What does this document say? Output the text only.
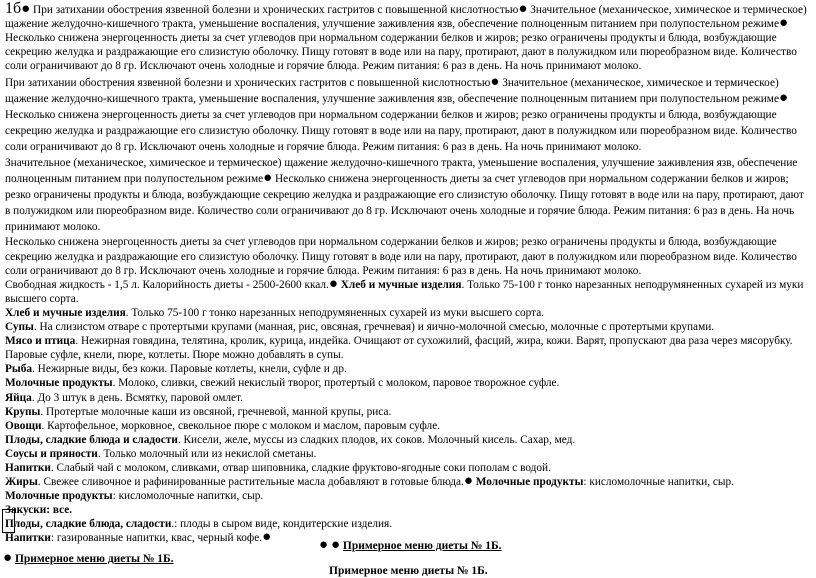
1б● При затихании обострения язвенной болезни и хронических гастритов с повышенной кислотностью● Значительное (механическое, химическое и термическое) щажение желудочно-кишечного тракта, уменьшение воспаления, улучшение заживления язв, обеспечение полноценным питанием при полупостельном режиме● Несколько снижена энергоценность диеты за счет углеводов при нормальном содержании белков и жиров; резко ограничены продукты и блюда, возбуждающие секрецию желудка и раздражающие его слизистую оболочку. Пищу готовят в воде или на пару, протирают, дают в полужидком или пюреобразном виде. Количество соли ограничивают до 8 гр. Исключают очень холодные и горячие блюда. Режим питания: 6 раз в день. На ночь принимают молоко.

При затихании обострения язвенной болезни и хронических гастритов с повышенной кислотностью● Значительное (механическое, химическое и термическое) щажение желудочно-кишечного тракта, уменьшение воспаления, улучшение заживления язв, обеспечение полноценным питанием при полупостельном режиме● Несколько снижена энергоценность диеты за счет углеводов при нормальном содержании белков и жиров; резко ограничены продукты и блюда, возбуждающие секрецию желудка и раздражающие его слизистую оболочку. Пищу готовят в воде или на пару, протирают, дают в полужидком или пюреобразном виде. Количество соли ограничивают до 8 гр. Исключают очень холодные и горячие блюда. Режим питания: 6 раз в день. На ночь принимают молоко.

Значительное (механическое, химическое и термическое) щажение желудочно-кишечного тракта, уменьшение воспаления, улучшение заживления язв, обеспечение полноценным питанием при полупостельном режиме● Несколько снижена энергоценность диеты за счет углеводов при нормальном содержании белков и жиров; резко ограничены продукты и блюда, возбуждающие секрецию желудка и раздражающие его слизистую оболочку. Пищу готовят в воде или на пару, протирают, дают в полужидком или пюреобразном виде. Количество соли ограничивают до 8 гр. Исключают очень холодные и горячие блюда. Режим питания: 6 раз в день. На ночь принимают молоко.

Несколько снижена энергоценность диеты за счет углеводов при нормальном содержании белков и жиров; резко ограничены продукты и блюда, возбуждающие секрецию желудка и раздражающие его слизистую оболочку. Пищу готовят в воде или на пару, протирают, дают в полужидком или пюреобразном виде. Количество соли ограничивают до 8 гр. Исключают очень холодные и горячие блюда. Режим питания: 6 раз в день. На ночь принимают молоко.

Свободная жидкость - 1,5 л. Калорийность диеты - 2500-2600 ккал.● Хлеб и мучные изделия. Только 75-100 г тонко нарезанных неподрумяненных сухарей из муки высшего сорта.

Хлеб и мучные изделия. Только 75-100 г тонко нарезанных неподрумяненных сухарей из муки высшего сорта.

Супы. На слизистом отваре с протертыми крупами (манная, рис, овсяная, гречневая) и яично-молочной смесью, молочные с протертыми крупами.

Мясо и птица. Нежирная говядина, телятина, кролик, курица, индейка. Очищают от сухожилий, фасций, жира, кожи. Варят, пропускают два раза через мясорубку. Паровые суфле, кнели, пюре, котлеты. Пюре можно добавлять в супы.

Рыба. Нежирные виды, без кожи. Паровые котлеты, кнели, суфле и др.

Молочные продукты. Молоко, сливки, свежий некислый творог, протертый с молоком, паровое творожное суфле.

Яйца. До 3 штук в день. Всмятку, паровой омлет.

Крупы. Протертые молочные каши из овсяной, гречневой, манной крупы, риса.

Овощи. Картофельное, морковное, свекольное пюре с молоком и маслом, паровым суфле.

Плоды, сладкие блюда и сладости. Кисели, желе, муссы из сладких плодов, их соков. Молочный кисель. Сахар, мед.

Соусы и пряности. Только молочный или из некислой сметаны.

Напитки. Слабый чай с молоком, сливками, отвар шиповника, сладкие фруктово-ягодные соки пополам с водой.

Жиры. Свежее сливочное и рафинированные растительные масла добавляют в готовые блюда.● Молочные продукты: кисломолочные напитки, сыр.

Молочные продукты: кисломолочные напитки, сыр.

Закуски: все.

Плоды, сладкие блюда, сладости.: плоды в сыром виде, кондитерские изделия.

Напитки: газированные напитки, квас, черный кофе.●	● ● Примерное меню диеты № 1Б.
● Примерное меню диеты № 1Б.
Примерное меню диеты № 1Б.
